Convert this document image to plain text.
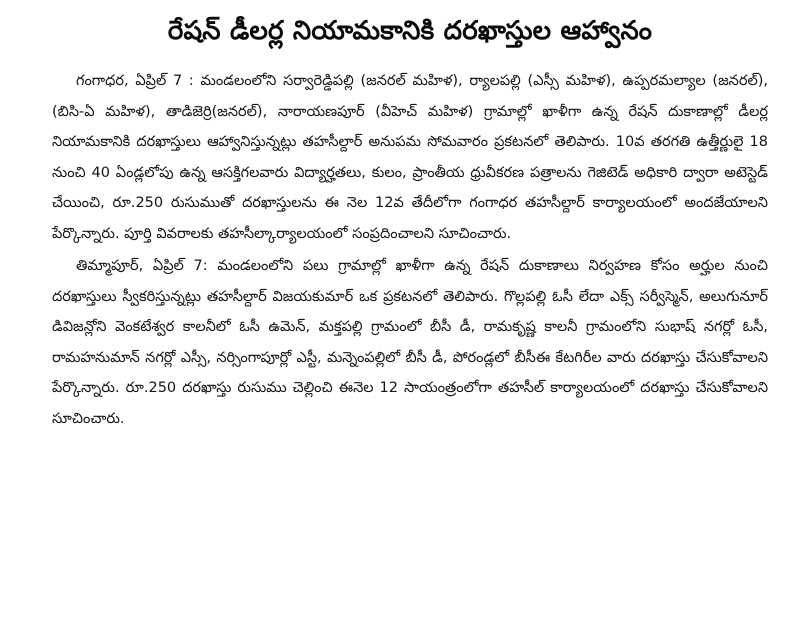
రేషన్ డీలర్ల నియామకానికి దరఖాస్తుల ఆహ్వానం

గంగాధర, ఏప్రిల్ 7 : మండలంలోని సర్వారెడ్డిపల్లి (జనరల్ మహిళ), ర్యాలపల్లి (ఎస్సీ మహిళ), ఉప్పరమల్యాల (జనరల్), (బిసి-ఏ మహిళ), తాడిజెర్రి(జనరల్), నారాయణపూర్ (వీహెచ్ మహిళ) గ్రామాల్లో ఖాళీగా ఉన్న రేషన్ దుకాణాల్లో డీలర్ల నియామకానికి దరఖాస్తులు ఆహ్వానిస్తున్నట్లు తహసీల్దార్ అనుపమ సోమవారం ప్రకటనలో తెలిపారు. 10వ తరగతి ఉత్తీర్ణులై 18 నుంచి 40 ఏండ్లలోపు ఉన్న ఆసక్తిగలవారు విద్యార్హతలు, కులం, ప్రాంతీయ ధ్రువీకరణ పత్రాలను గెజిటెడ్ అధికారి ద్వారా అటెస్టెడ్ చేయించి, రూ.250 రుసుముతో దరఖాస్తులను ఈ నెల 12వ తేదీలోగా గంగాధర తహసీల్దార్ కార్యాలయంలో అందజేయాలని పేర్కొన్నారు. పూర్తి వివరాలకు తహసీల్కార్యాలయంలో సంప్రదించాలని సూచించారు.

తిమ్మాపూర్, ఏప్రిల్ 7: మండలంలోని పలు గ్రామాల్లో ఖాళీగా ఉన్న రేషన్ దుకాణాలు నిర్వహణ కోసం అర్హుల నుంచి దరఖాస్తులు స్వీకరిస్తున్నట్లు తహసీల్దార్ విజయకుమార్ ఒక ప్రకటనలో తెలిపారు. గొల్లపల్లి ఓసీ లేదా ఎక్స్ సర్వీస్మెన్, అలుగునూర్ డివిజన్లోని వెంకటేశ్వర కాలనీలో ఓసీ ఉమెన్, మక్తపల్లి గ్రామంలో బీసీ డీ, రామకృష్ణ కాలనీ గ్రామంలోని సుభాష్ నగర్లో ఓసీ, రామహనుమాన్ నగర్లో ఎస్సీ, నర్సింగాపూర్లో ఎస్టీ, మన్నెంపల్లిలో బీసీ డీ, పోరండ్లలో బీసీఈ కేటగిరీల వారు దరఖాస్తు చేసుకోవాలని పేర్కొన్నారు. రూ.250 దరఖాస్తు రుసుము చెల్లించి ఈనెల 12 సాయంత్రంలోగా తహసీల్ కార్యాలయంలో దరఖాస్తు చేసుకోవాలని సూచించారు.
